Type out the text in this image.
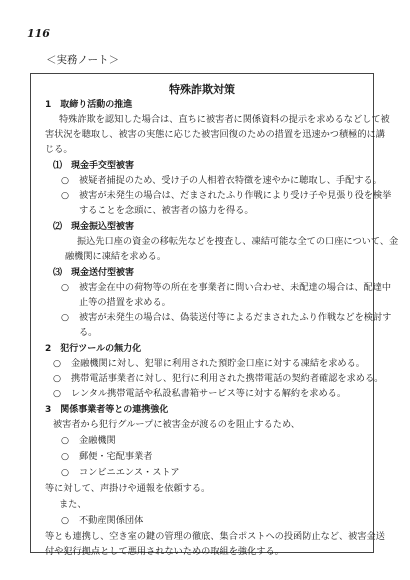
116
＜実務ノート＞
特殊詐欺対策
1　取締り活動の推進
特殊詐欺を認知した場合は、直ちに被害者に関係資料の提示を求めるなどして被
害状況を聴取し、被害の実態に応じた被害回復のための措置を迅速かつ積極的に講
じる。
⑴　現金手交型被害
○ 被疑者捕捉のため、受け子の人相着衣特徴を速やかに聴取し、手配する。
○ 被害が未発生の場合は、だまされたふり作戦により受け子や見張り役を検挙
することを念頭に、被害者の協力を得る。
⑵　現金振込型被害
振込先口座の資金の移転先などを捜査し、凍結可能な全ての口座について、金
融機関に凍結を求める。
⑶　現金送付型被害
○ 被害金在中の荷物等の所在を事業者に問い合わせ、未配達の場合は、配達中
止等の措置を求める。
○ 被害が未発生の場合は、偽装送付等によるだまされたふり作戦などを検討す
る。
2　犯行ツールの無力化
○ 金融機関に対し、犯罪に利用された預貯金口座に対する凍結を求める。
○ 携帯電話事業者に対し、犯行に利用された携帯電話の契約者確認を求める。
○ レンタル携帯電話や私設私書箱サービス等に対する解約を求める。
3　関係事業者等との連携強化
被害者から犯行グループに被害金が渡るのを阻止するため、
○ 金融機関
○ 郵便・宅配事業者
○ コンビニエンス・ストア
等に対して、声掛けや通報を依頼する。
また、
○ 不動産関係団体
等とも連携し、空き室の鍵の管理の徹底、集合ポストへの投函防止など、被害金送
付や犯行拠点として悪用されないための取組を強化する。
